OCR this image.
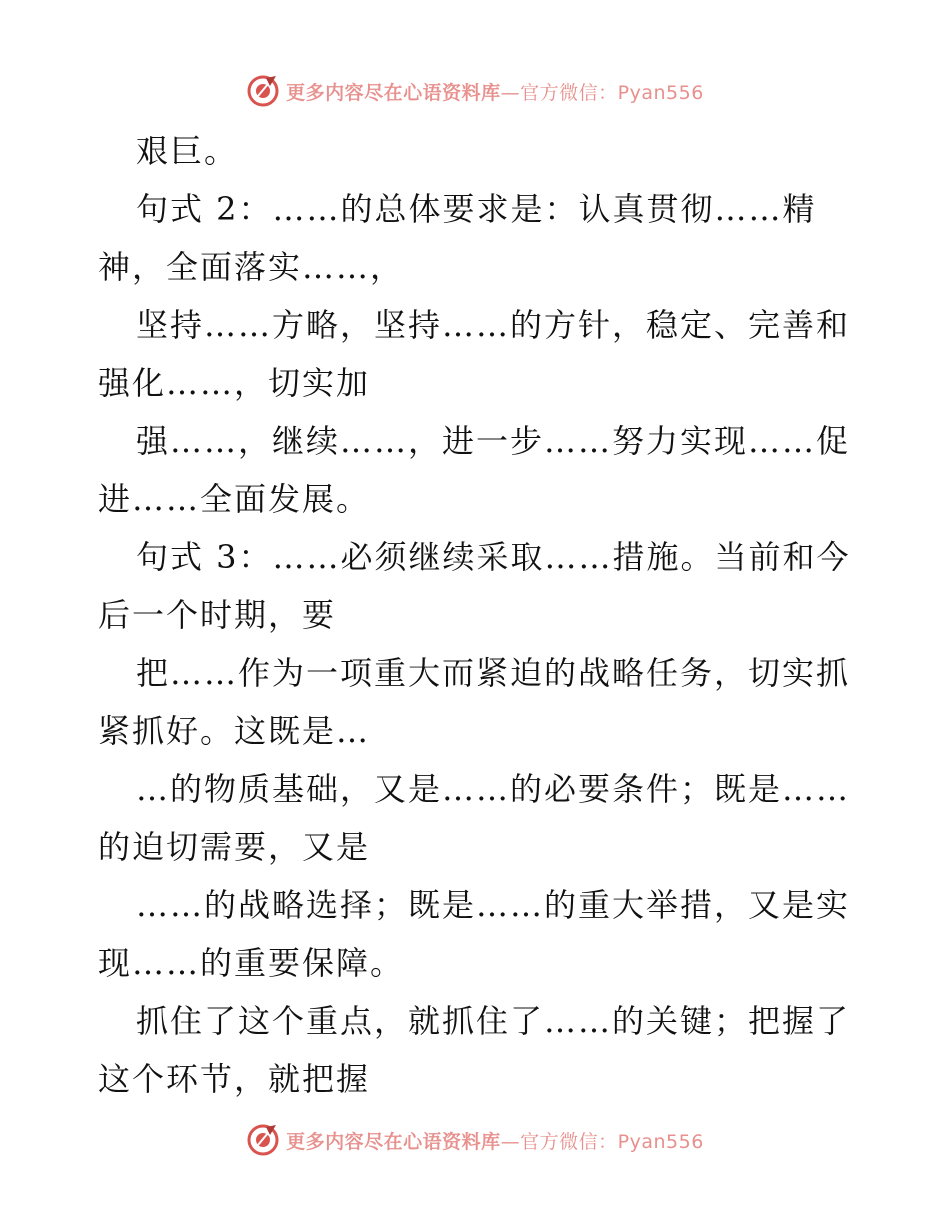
更多内容尽在心语资料库 —官方微信：Pyan556
艰巨。
句式 2：……的总体要求是：认真贯彻……精
神，全面落实……，
坚持……方略，坚持……的方针，稳定、完善和
强化……，切实加
强……，继续……，进一步……努力实现……促
进……全面发展。
句式 3：……必须继续采取……措施。当前和今
后一个时期，要
把……作为一项重大而紧迫的战略任务，切实抓
紧抓好。这既是…
…的物质基础，又是……的必要条件；既是……
的迫切需要，又是
……的战略选择；既是……的重大举措，又是实
现……的重要保障。
抓住了这个重点，就抓住了……的关键；把握了
这个环节，就把握
更多内容尽在心语资料库 —官方微信：Pyan556
